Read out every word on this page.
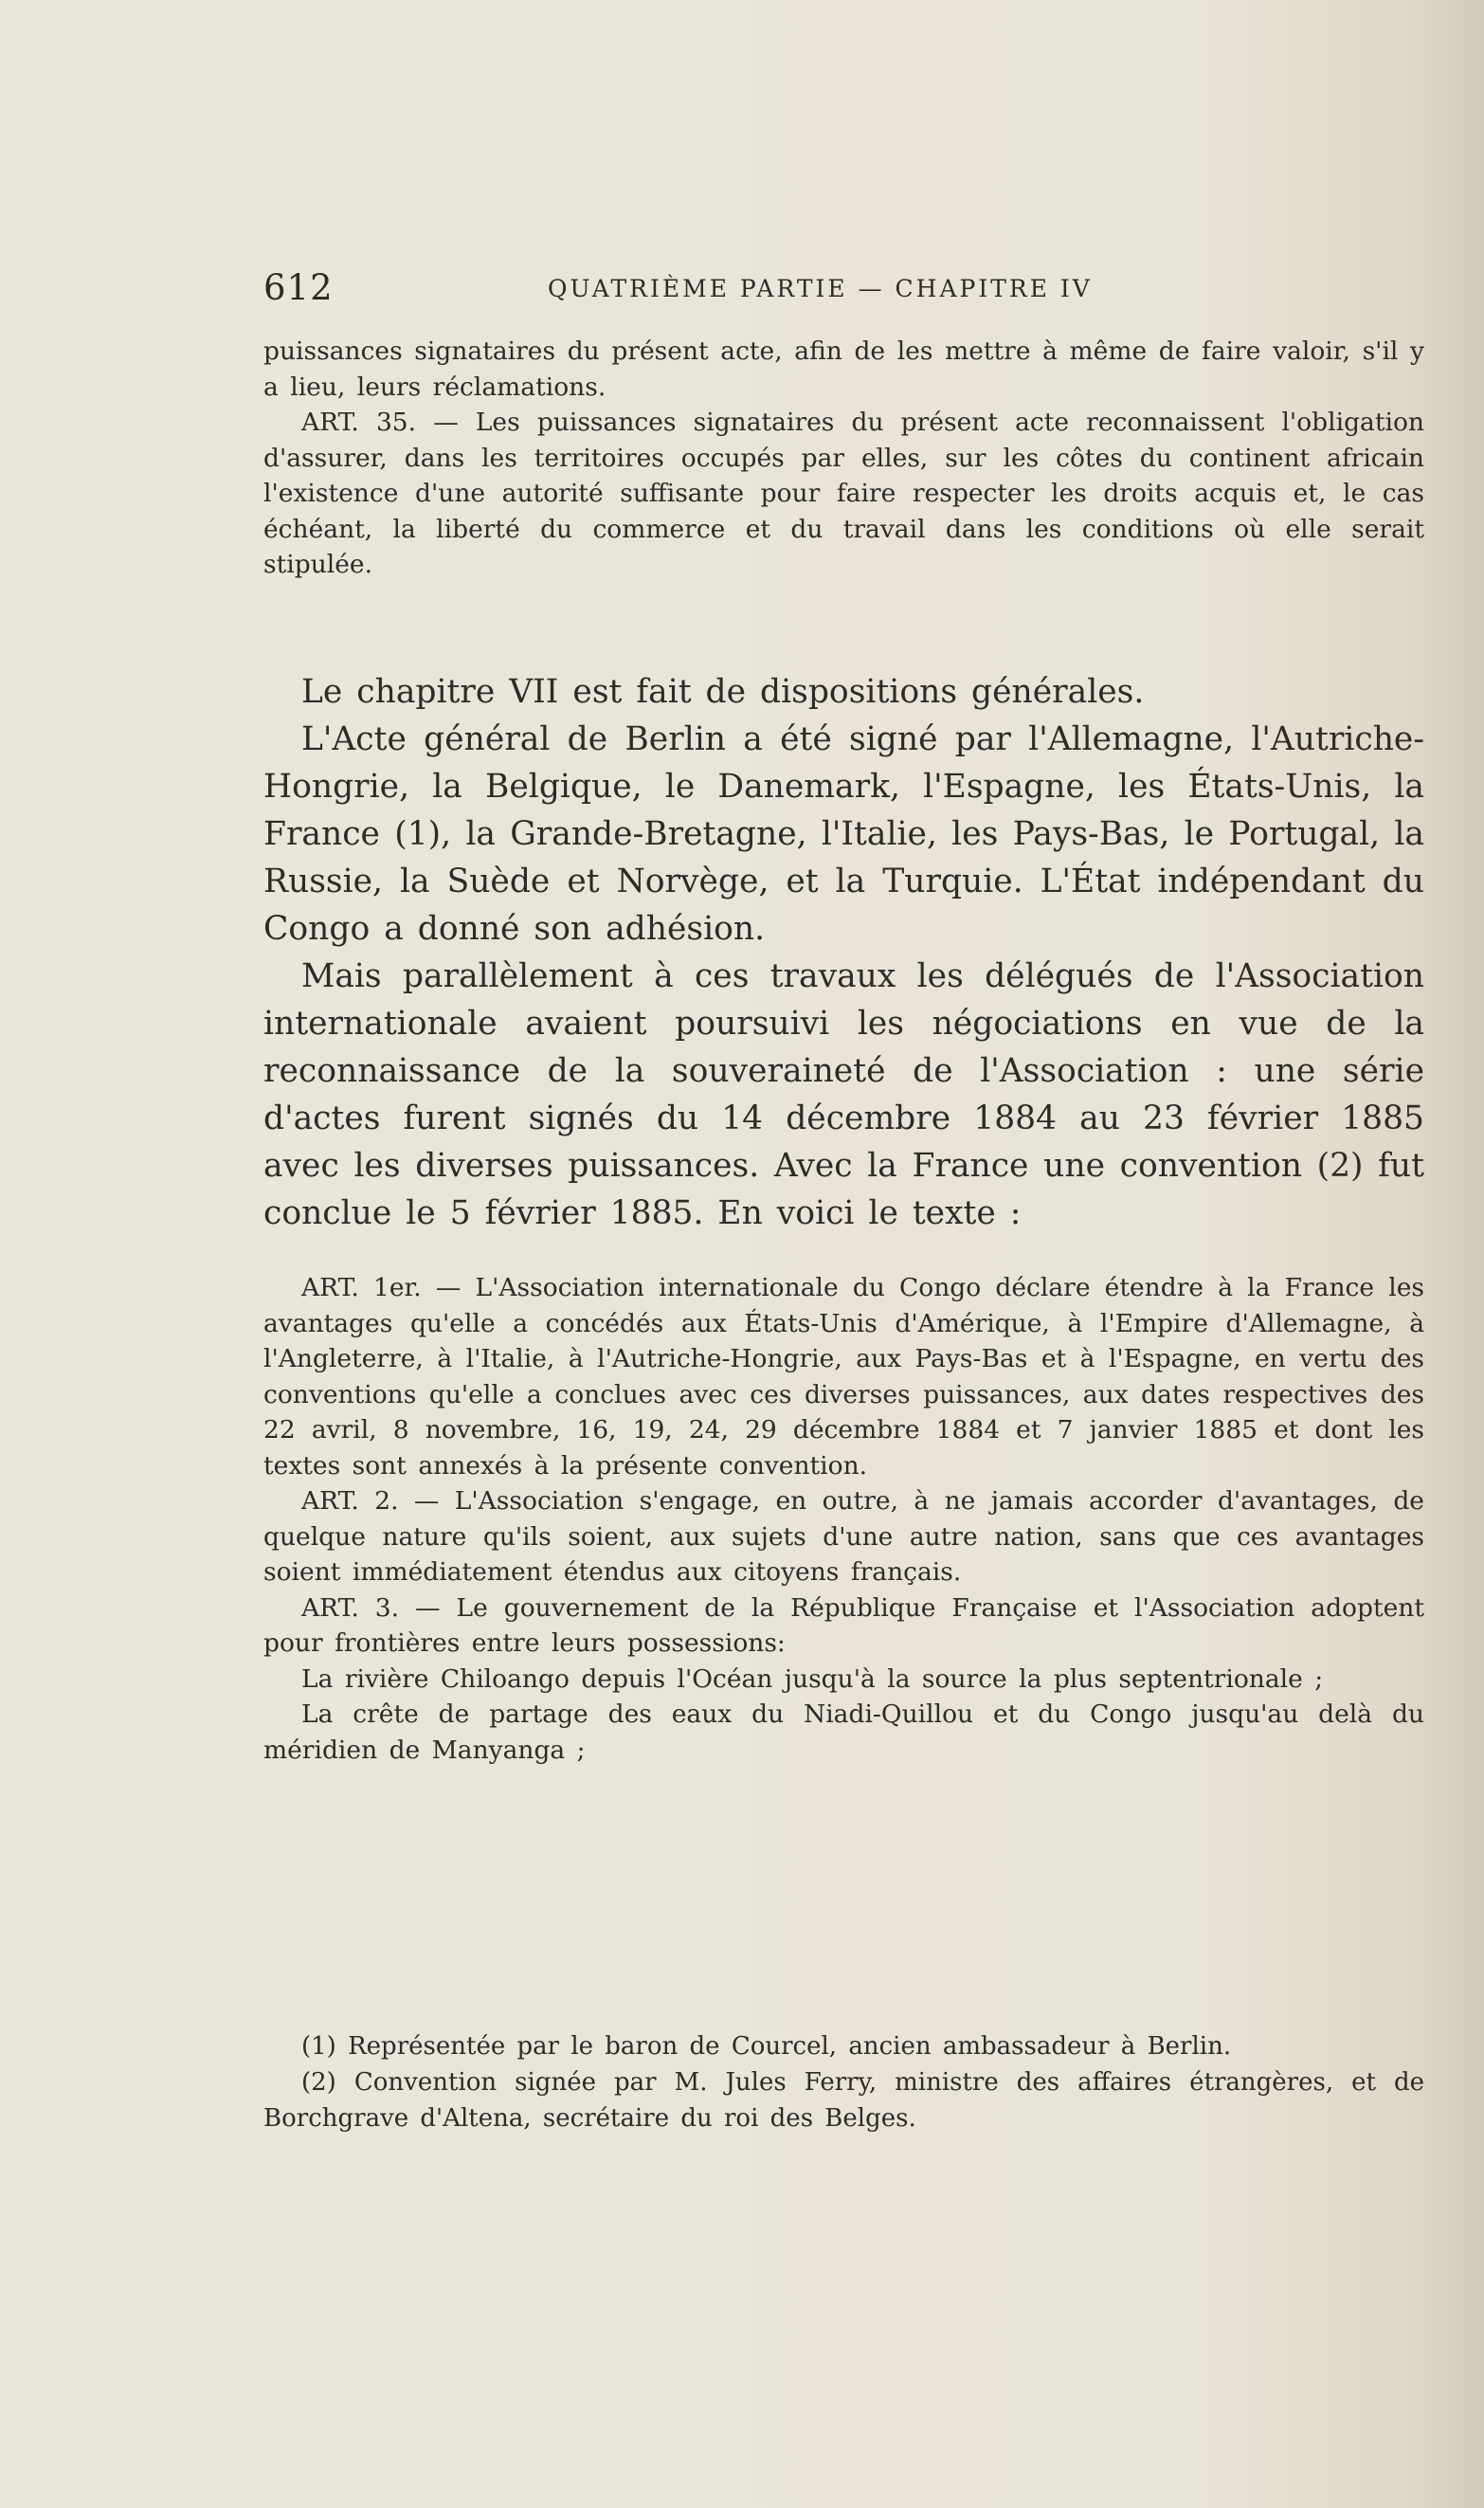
612	QUATRIÈME PARTIE — CHAPITRE IV

puissances signataires du présent acte, afin de les mettre à même de faire valoir, s'il y a lieu, leurs réclamations.

ART. 35. — Les puissances signataires du présent acte reconnaissent l'obligation d'assurer, dans les territoires occupés par elles, sur les côtes du continent africain l'existence d'une autorité suffisante pour faire respecter les droits acquis et, le cas échéant, la liberté du commerce et du travail dans les conditions où elle serait stipulée.

Le chapitre VII est fait de dispositions générales.

L'Acte général de Berlin a été signé par l'Allemagne, l'Autriche-Hongrie, la Belgique, le Danemark, l'Espagne, les États-Unis, la France (1), la Grande-Bretagne, l'Italie, les Pays-Bas, le Portugal, la Russie, la Suède et Norvège, et la Turquie. L'État indépendant du Congo a donné son adhésion.

Mais parallèlement à ces travaux les délégués de l'Association internationale avaient poursuivi les négociations en vue de la reconnaissance de la souveraineté de l'Association : une série d'actes furent signés du 14 décembre 1884 au 23 février 1885 avec les diverses puissances. Avec la France une convention (2) fut conclue le 5 février 1885. En voici le texte :

ART. 1er. — L'Association internationale du Congo déclare étendre à la France les avantages qu'elle a concédés aux États-Unis d'Amérique, à l'Empire d'Allemagne, à l'Angleterre, à l'Italie, à l'Autriche-Hongrie, aux Pays-Bas et à l'Espagne, en vertu des conventions qu'elle a conclues avec ces diverses puissances, aux dates respectives des 22 avril, 8 novembre, 16, 19, 24, 29 décembre 1884 et 7 janvier 1885 et dont les textes sont annexés à la présente convention.

ART. 2. — L'Association s'engage, en outre, à ne jamais accorder d'avantages, de quelque nature qu'ils soient, aux sujets d'une autre nation, sans que ces avantages soient immédiatement étendus aux citoyens français.

ART. 3. — Le gouvernement de la République Française et l'Association adoptent pour frontières entre leurs possessions:

La rivière Chiloango depuis l'Océan jusqu'à la source la plus septentrionale ;

La crête de partage des eaux du Niadi-Quillou et du Congo jusqu'au delà du méridien de Manyanga ;

(1) Représentée par le baron de Courcel, ancien ambassadeur à Berlin.

(2) Convention signée par M. Jules Ferry, ministre des affaires étrangères, et de Borchgrave d'Altena, secrétaire du roi des Belges.
